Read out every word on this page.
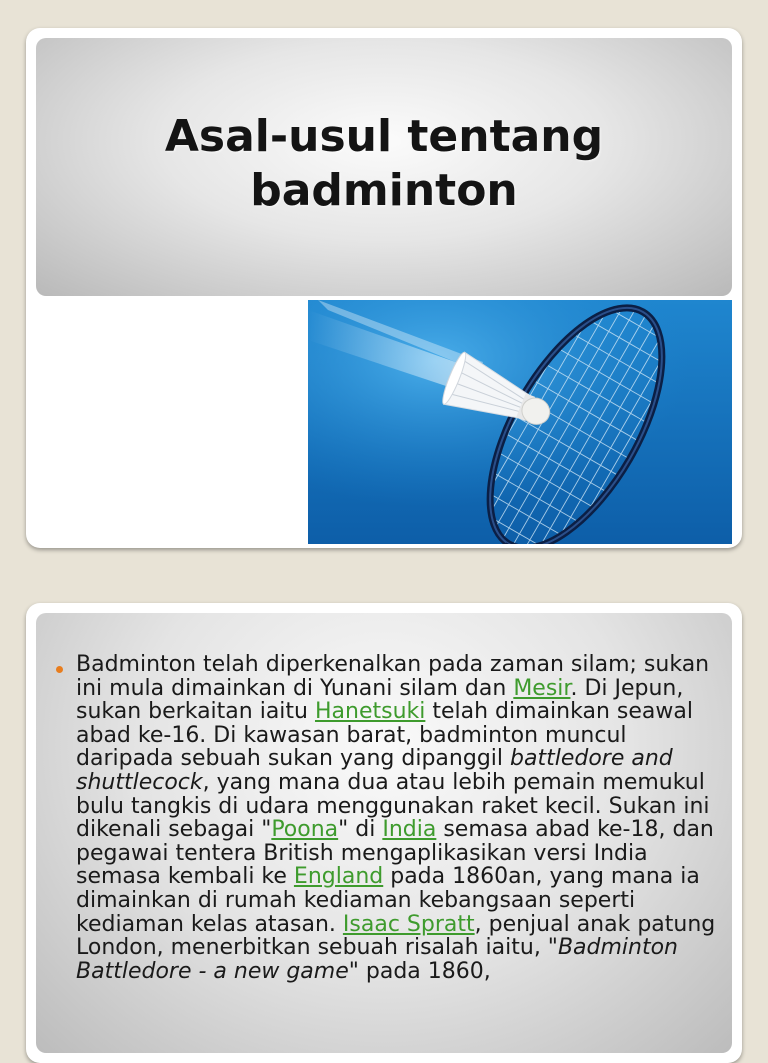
Asal-usul tentang
badminton
Badminton telah diperkenalkan pada zaman silam; sukan ini mula dimainkan di Yunani silam dan Mesir. Di Jepun, sukan berkaitan iaitu Hanetsuki telah dimainkan seawal abad ke-16. Di kawasan barat, badminton muncul daripada sebuah sukan yang dipanggil battledore and shuttlecock, yang mana dua atau lebih pemain memukul bulu tangkis di udara menggunakan raket kecil. Sukan ini dikenali sebagai "Poona" di India semasa abad ke-18, dan pegawai tentera British mengaplikasikan versi India semasa kembali ke England pada 1860an, yang mana ia dimainkan di rumah kediaman kebangsaan seperti kediaman kelas atasan. Isaac Spratt, penjual anak patung London, menerbitkan sebuah risalah iaitu, "Badminton Battledore - a new game" pada 1860,
